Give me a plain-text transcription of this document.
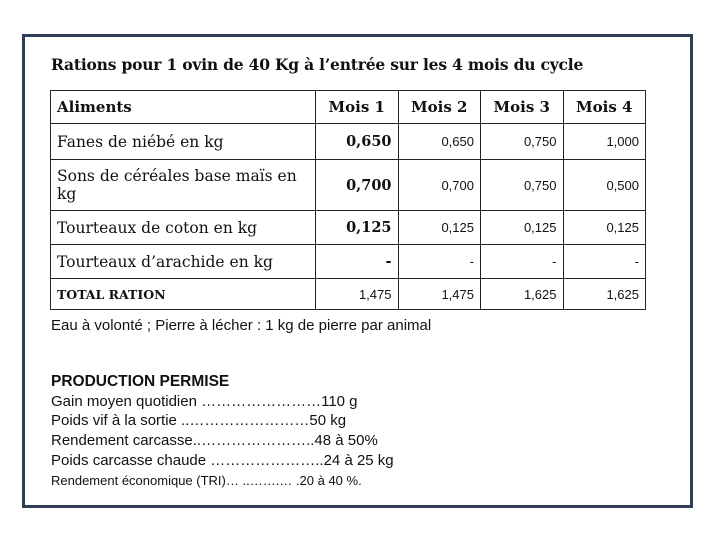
Rations pour 1 ovin de 40 Kg à l’entrée sur les 4 mois du cycle
Aliments	Mois 1	Mois 2	Mois 3	Mois 4
Fanes de niébé en kg	0,650	0,650	0,750	1,000
Sons de céréales base maïs en kg	0,700	0,700	0,750	0,500
Tourteaux de coton en kg	0,125	0,125	0,125	0,125
Tourteaux d’arachide en kg	-	-	-	-
TOTAL RATION	1,475	1,475	1,625	1,625
Eau à volonté ; Pierre à lécher : 1 kg de pierre par animal
PRODUCTION PERMISE
Gain moyen quotidien ……………………110 g
Poids vif à la sortie ..……………………50 kg
Rendement carcasse..…………………..48 à 50%
Poids carcasse chaude …………………..24 à 25 kg
Rendement économique (TRI)… ..…….… .20 à 40 %.
